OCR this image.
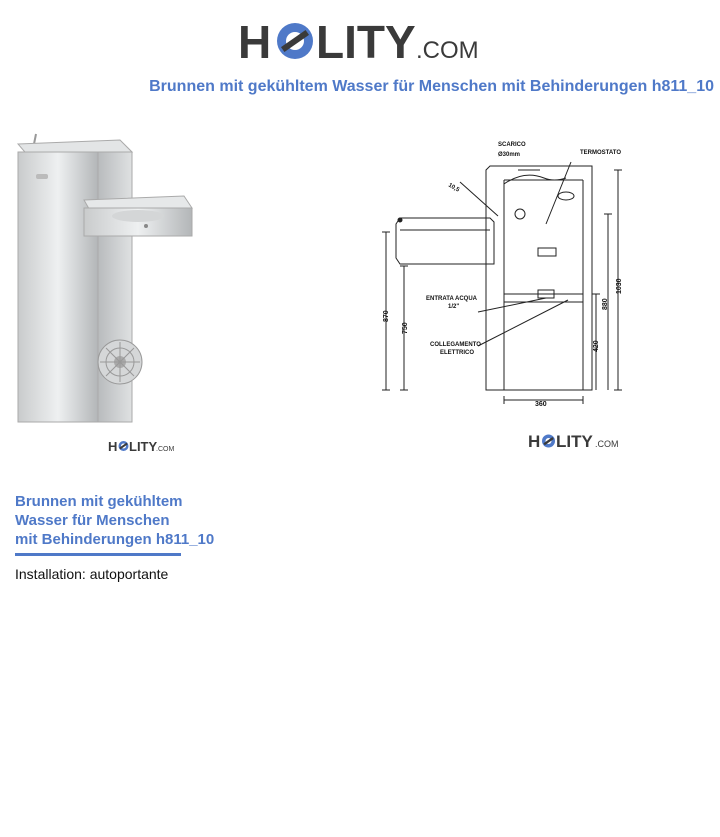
H LITY .COM
Brunnen mit gekühltem Wasser für Menschen mit Behinderungen h811_10
H LITY
.COM
SCARICO
Ø30mm	TERMOSTATO
10,5
ENTRATA ACQUA
1/2"
COLLEGAMENTO
ELETTRICO
870
750
880
1030
420
360
H LITY .COM
Brunnen mit gekühltem
Wasser für Menschen
mit Behinderungen h811_10
Installation: autoportante
